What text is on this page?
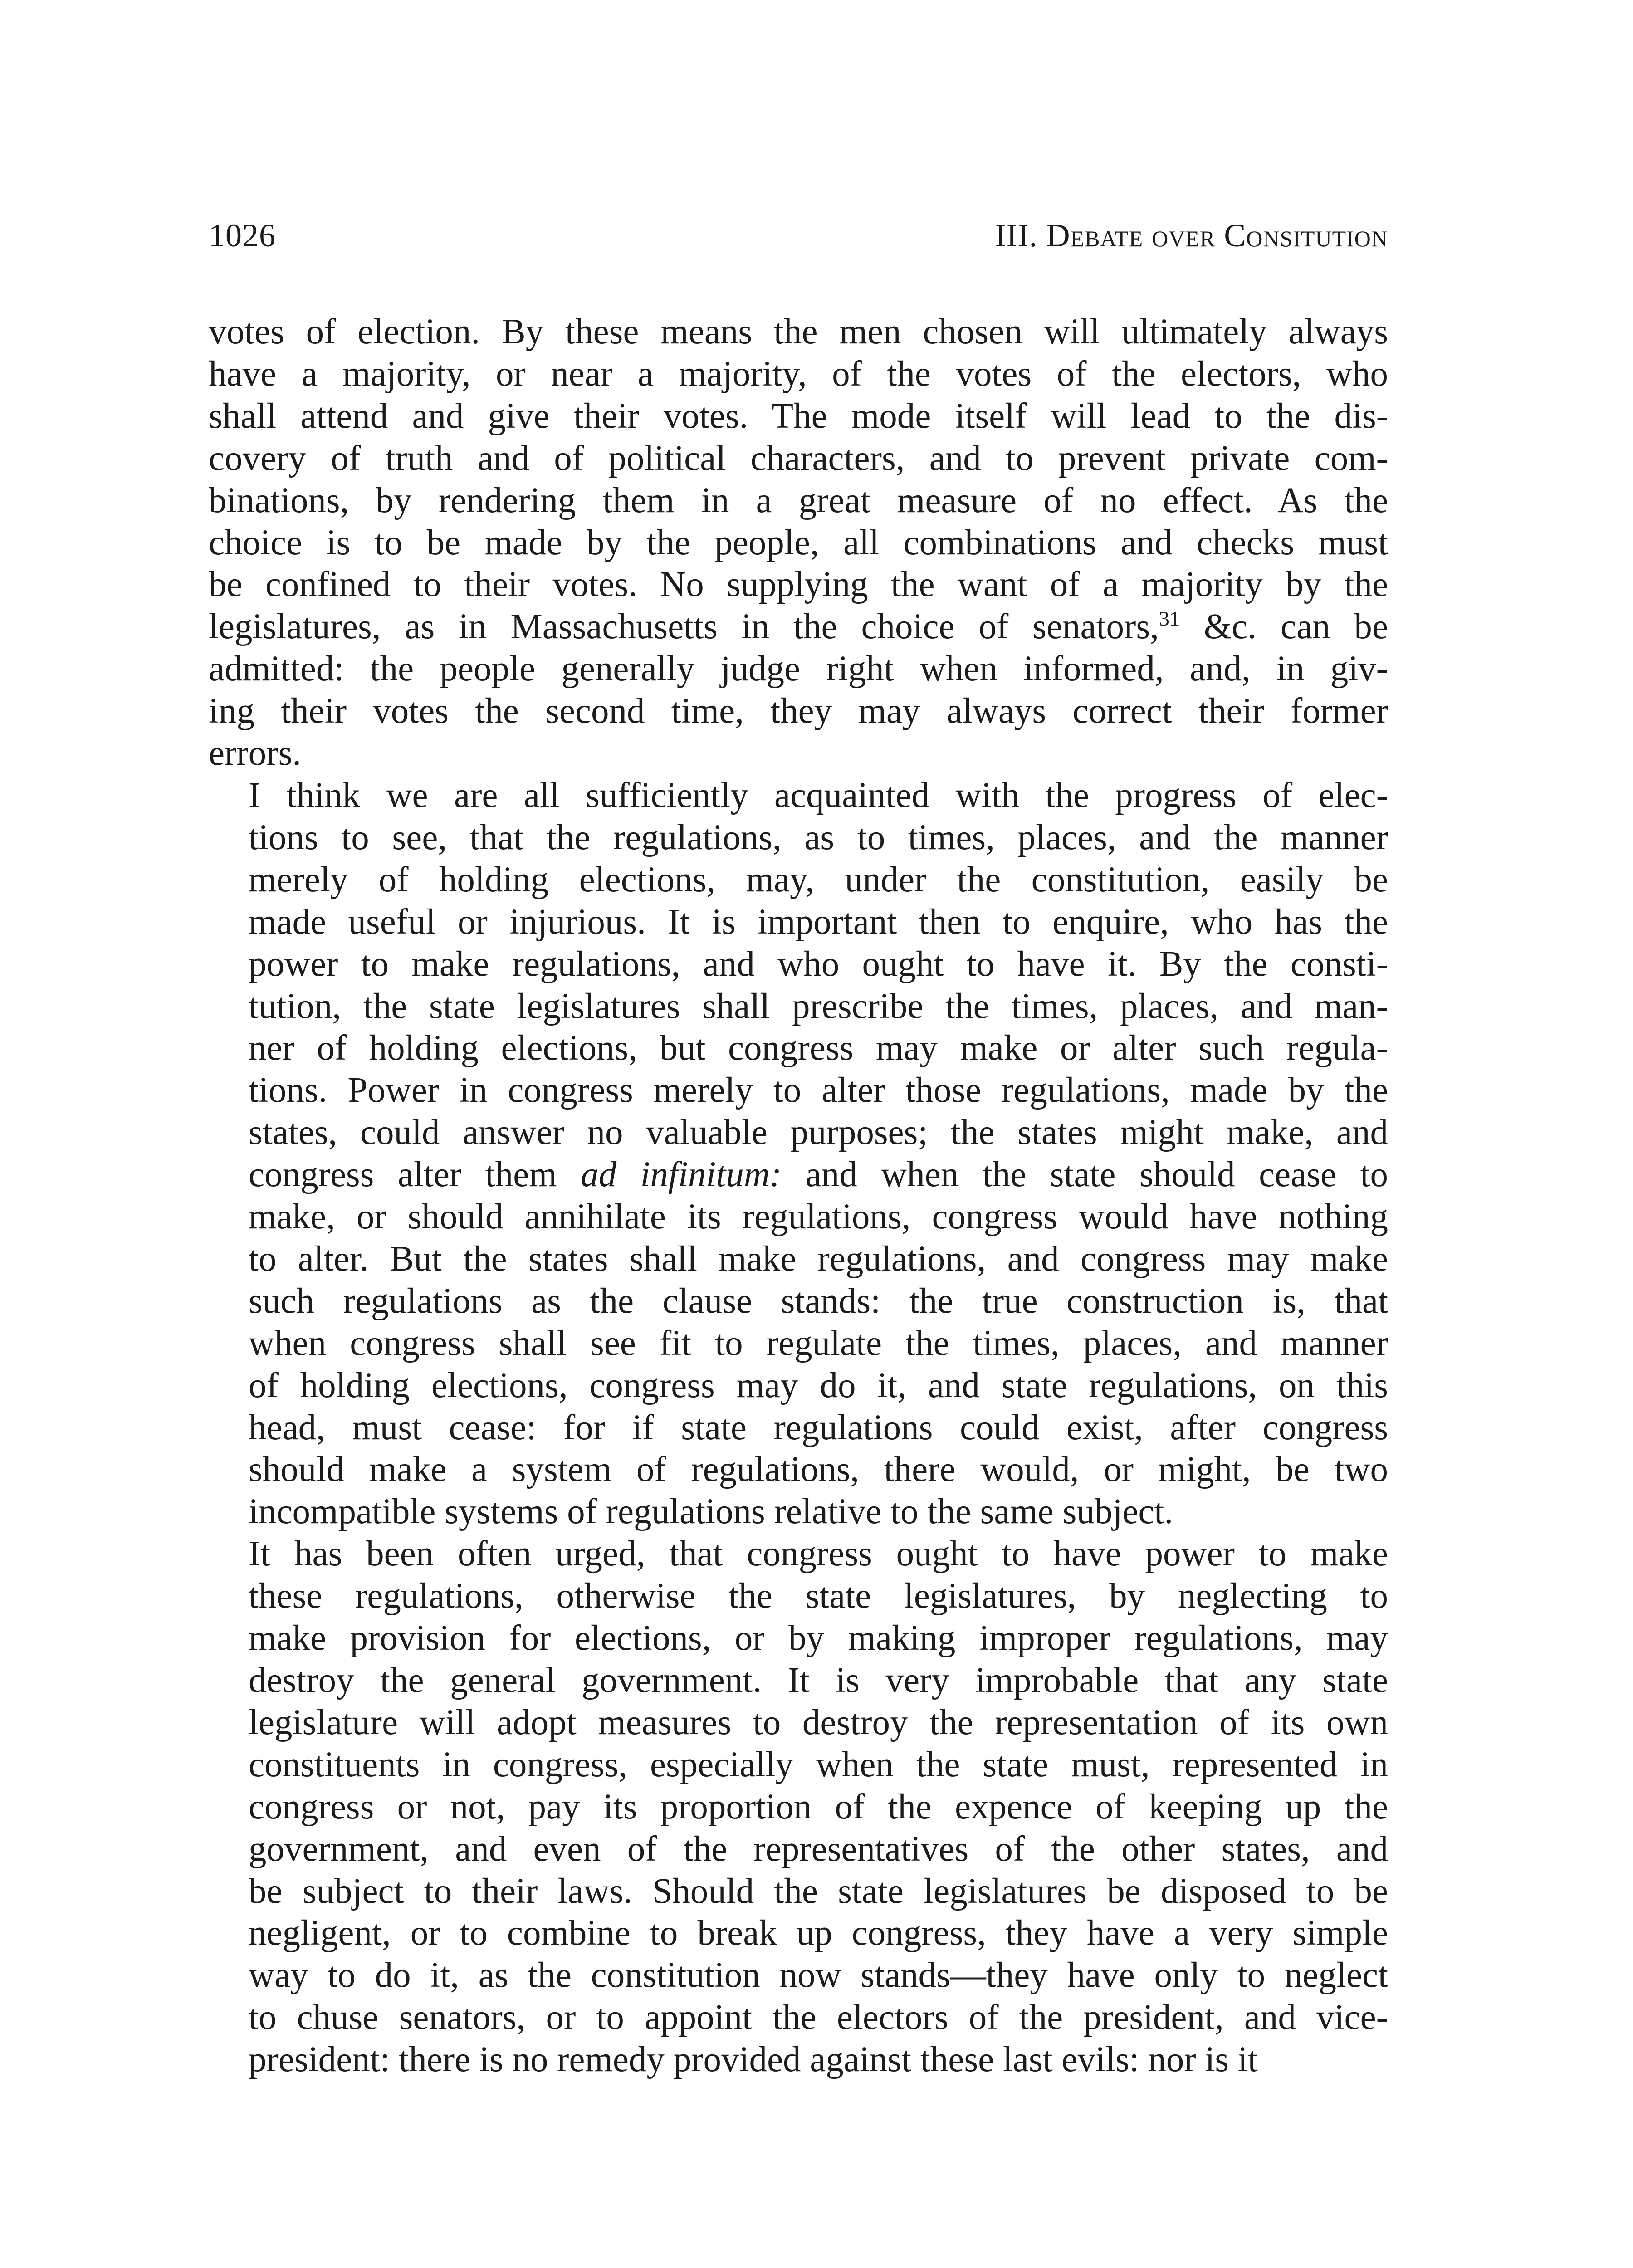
1026	III. Debate over Consitution
votes of election. By these means the men chosen will ultimately always
have a majority, or near a majority, of the votes of the electors, who
shall attend and give their votes. The mode itself will lead to the dis-
covery of truth and of political characters, and to prevent private com-
binations, by rendering them in a great measure of no effect. As the
choice is to be made by the people, all combinations and checks must
be confined to their votes. No supplying the want of a majority by the
legislatures, as in Massachusetts in the choice of senators,$^{31}$ &c. can be
admitted: the people generally judge right when informed, and, in giv-
ing their votes the second time, they may always correct their former
errors.
I think we are all sufficiently acquainted with the progress of elec-
tions to see, that the regulations, as to times, places, and the manner
merely of holding elections, may, under the constitution, easily be
made useful or injurious. It is important then to enquire, who has the
power to make regulations, and who ought to have it. By the consti-
tution, the state legislatures shall prescribe the times, places, and man-
ner of holding elections, but congress may make or alter such regula-
tions. Power in congress merely to alter those regulations, made by the
states, could answer no valuable purposes; the states might make, and
congress alter them ad infinitum: and when the state should cease to
make, or should annihilate its regulations, congress would have nothing
to alter. But the states shall make regulations, and congress may make
such regulations as the clause stands: the true construction is, that
when congress shall see fit to regulate the times, places, and manner
of holding elections, congress may do it, and state regulations, on this
head, must cease: for if state regulations could exist, after congress
should make a system of regulations, there would, or might, be two
incompatible systems of regulations relative to the same subject.
It has been often urged, that congress ought to have power to make
these regulations, otherwise the state legislatures, by neglecting to
make provision for elections, or by making improper regulations, may
destroy the general government. It is very improbable that any state
legislature will adopt measures to destroy the representation of its own
constituents in congress, especially when the state must, represented in
congress or not, pay its proportion of the expence of keeping up the
government, and even of the representatives of the other states, and
be subject to their laws. Should the state legislatures be disposed to be
negligent, or to combine to break up congress, they have a very simple
way to do it, as the constitution now stands—they have only to neglect
to chuse senators, or to appoint the electors of the president, and vice-
president: there is no remedy provided against these last evils: nor is it
